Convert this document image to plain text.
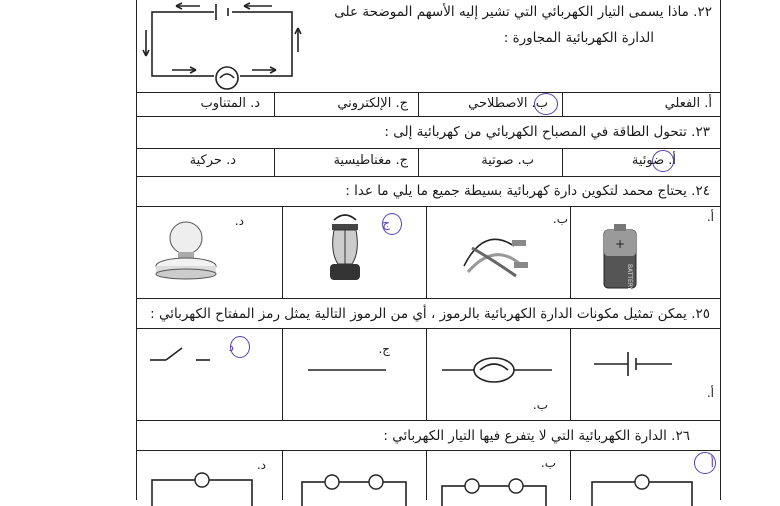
٢٢. ماذا يسمى التيار الكهربائي التي تشير إليه الأسهم الموضحة على
الدارة الكهربائية المجاورة :
أ. الفعلي
ب. الاصطلاحي
ج. الإلكتروني
د. المتناوب
٢٣. تتحول الطاقة في المصباح الكهربائي من كهربائية إلى :
أ. ضوئية
ب. صوتية
ج. مغناطيسية
د. حركية
٢٤. يحتاج محمد لتكوين دارة كهربائية بسيطة جميع ما يلي ما عدا :
أ.
ب.
ج
د.
+
BATTERY
٢٥. يمكن تمثيل مكونات الدارة الكهربائية بالرموز ، أي من الرموز التالية يمثل رمز المفتاح الكهربائي :
د	ج.
ب.
أ.
٢٦. الدارة الكهربائية التي لا يتفرع فيها التيار الكهربائي :
أ
ب.
د.
